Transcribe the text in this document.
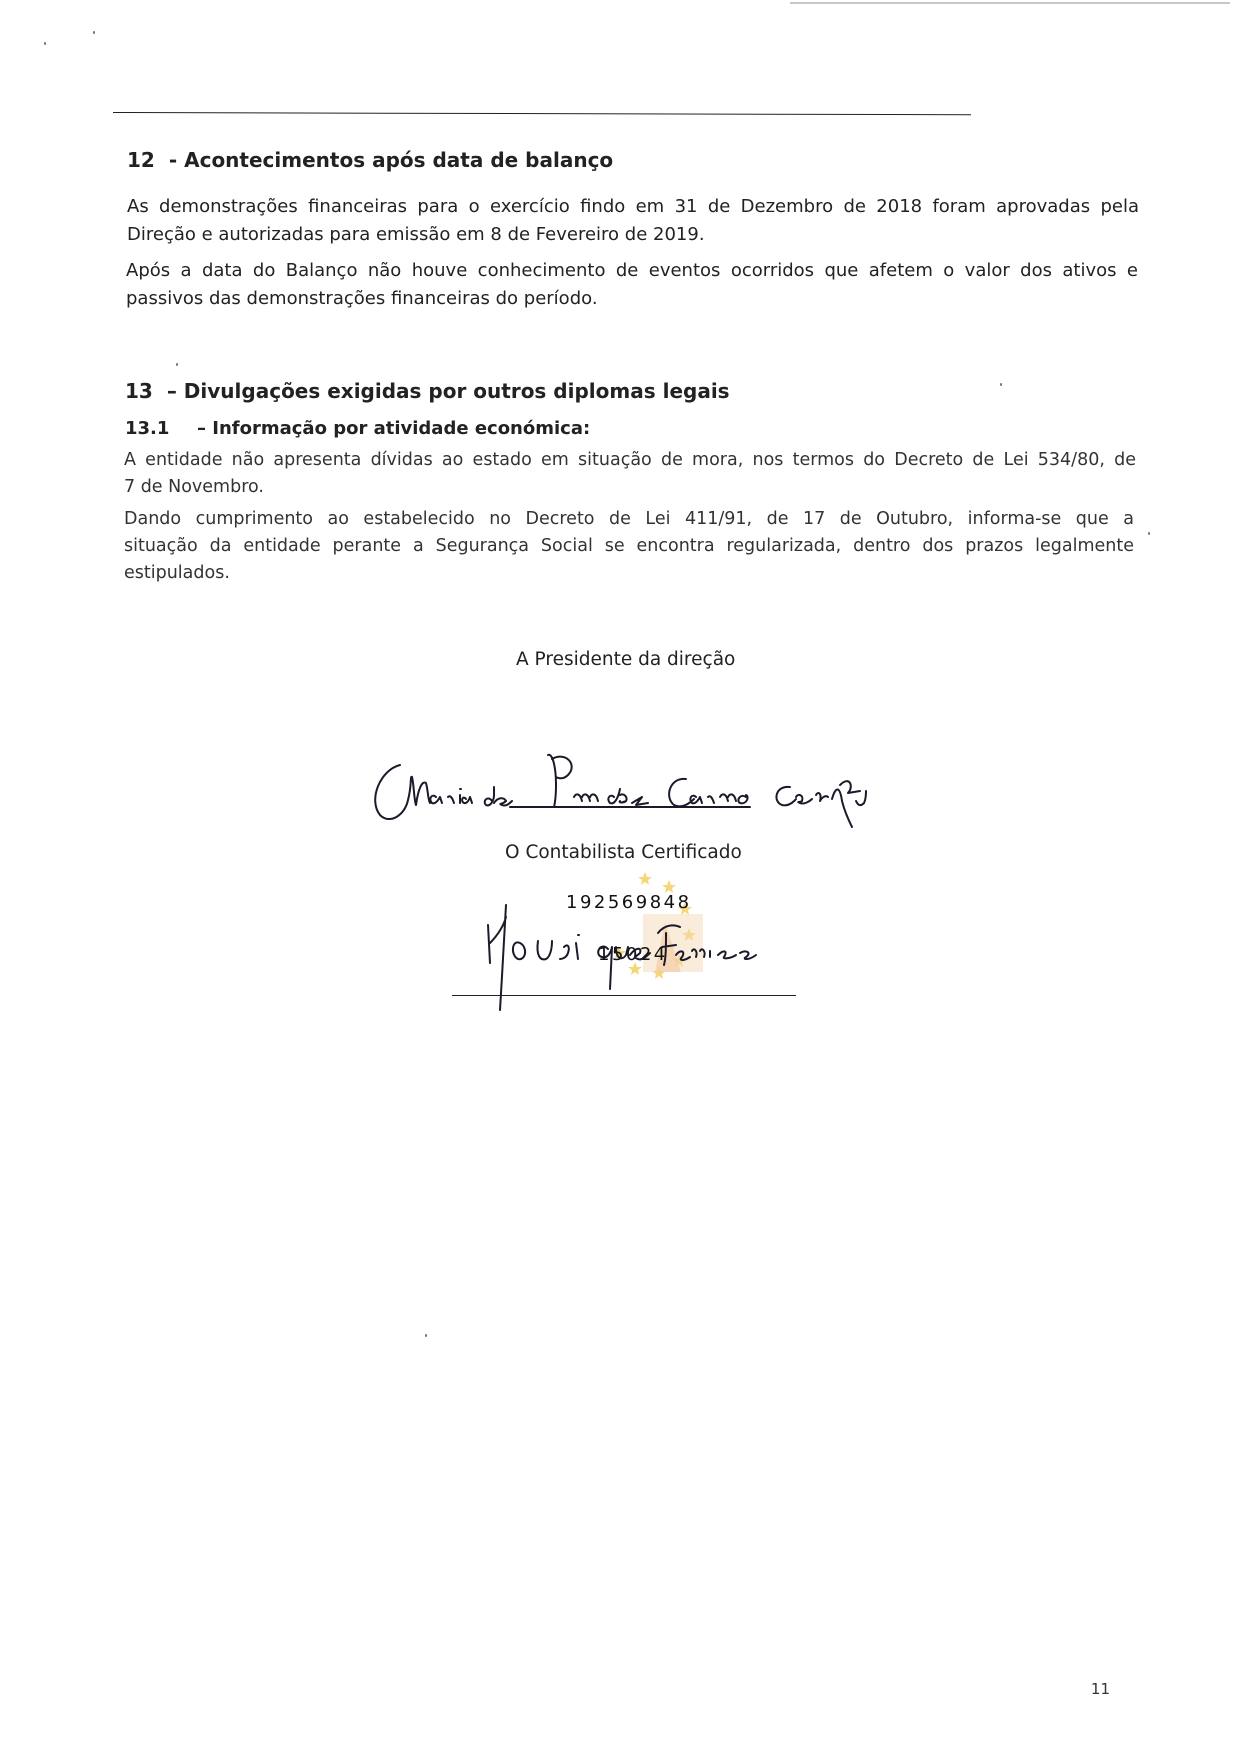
12 - Acontecimentos após data de balanço
As demonstrações financeiras para o exercício findo em 31 de Dezembro de 2018 foram aprovadas pela
Direção e autorizadas para emissão em 8 de Fevereiro de 2019.
Após a data do Balanço não houve conhecimento de eventos ocorridos que afetem o valor dos ativos e
passivos das demonstrações financeiras do período.
13 – Divulgações exigidas por outros diplomas legais
13.1 – Informação por atividade económica:
A entidade não apresenta dívidas ao estado em situação de mora, nos termos do Decreto de Lei 534/80, de
7 de Novembro.
Dando cumprimento ao estabelecido no Decreto de Lei 411/91, de 17 de Outubro, informa-se que a
situação da entidade perante a Segurança Social se encontra regularizada, dentro dos prazos legalmente
estipulados.
A Presidente da direção
O Contabilista Certificado
192569848
15024
11
